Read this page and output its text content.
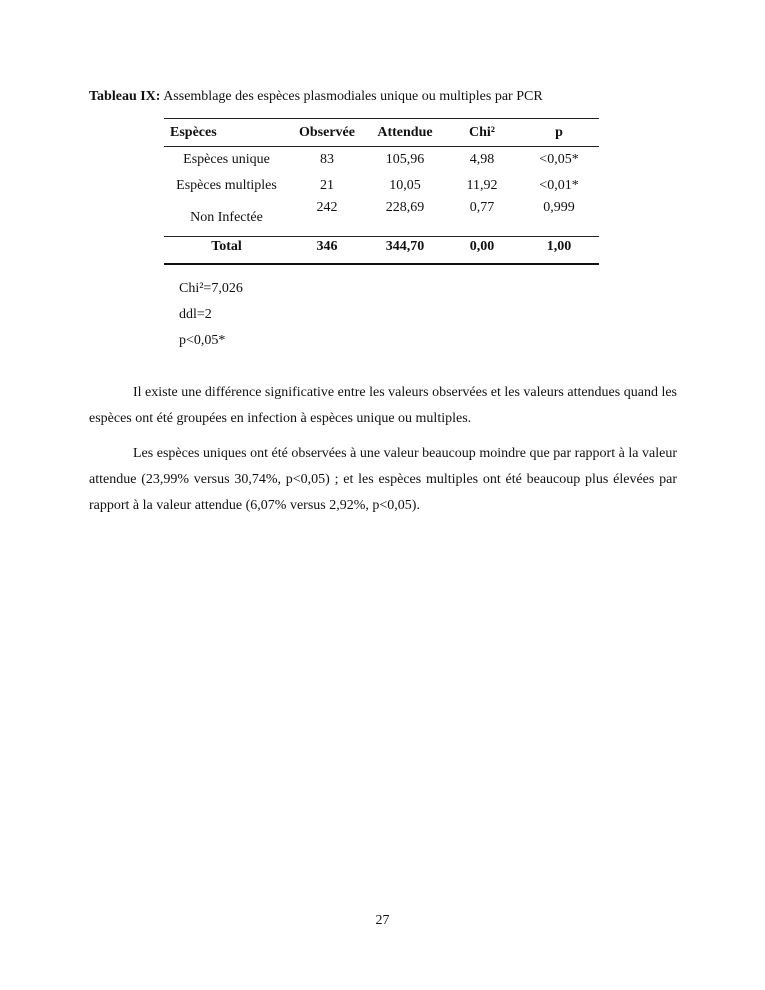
Tableau IX: Assemblage des espèces plasmodiales unique ou multiples par PCR
Espèces	Observée	Attendue	Chi²	p
Espèces unique	83	105,96	4,98	<0,05*
Espèces multiples	21	10,05	11,92	<0,01*
Non Infectée	242	228,69	0,77	0,999
Total	346	344,70	0,00	1,00
Chi²=7,026
ddl=2
p<0,05*

Il existe une différence significative entre les valeurs observées et les valeurs attendues quand les espèces ont été groupées en infection à espèces unique ou multiples.

Les espèces uniques ont été observées à une valeur beaucoup moindre que par rapport à la valeur attendue (23,99% versus 30,74%, p<0,05) ; et les espèces multiples ont été beaucoup plus élevées par rapport à la valeur attendue (6,07% versus 2,92%, p<0,05).

27
